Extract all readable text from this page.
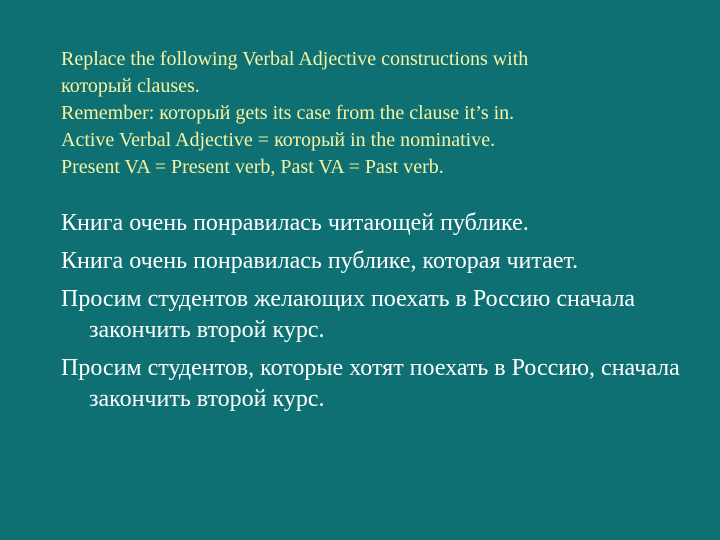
Replace the following Verbal Adjective constructions with
который clauses.
Remember: который gets its case from the clause it’s in.
Active Verbal Adjective = который in the nominative.
Present VA = Present verb, Past VA = Past verb.

Книга очень понравилась читающей публике.

Книга очень понравилась публике, которая читает.

Просим студентов желающих поехать в Россию сначала закончить второй курс.

Просим студентов, которые хотят поехать в Россию, сначала закончить второй курс.
